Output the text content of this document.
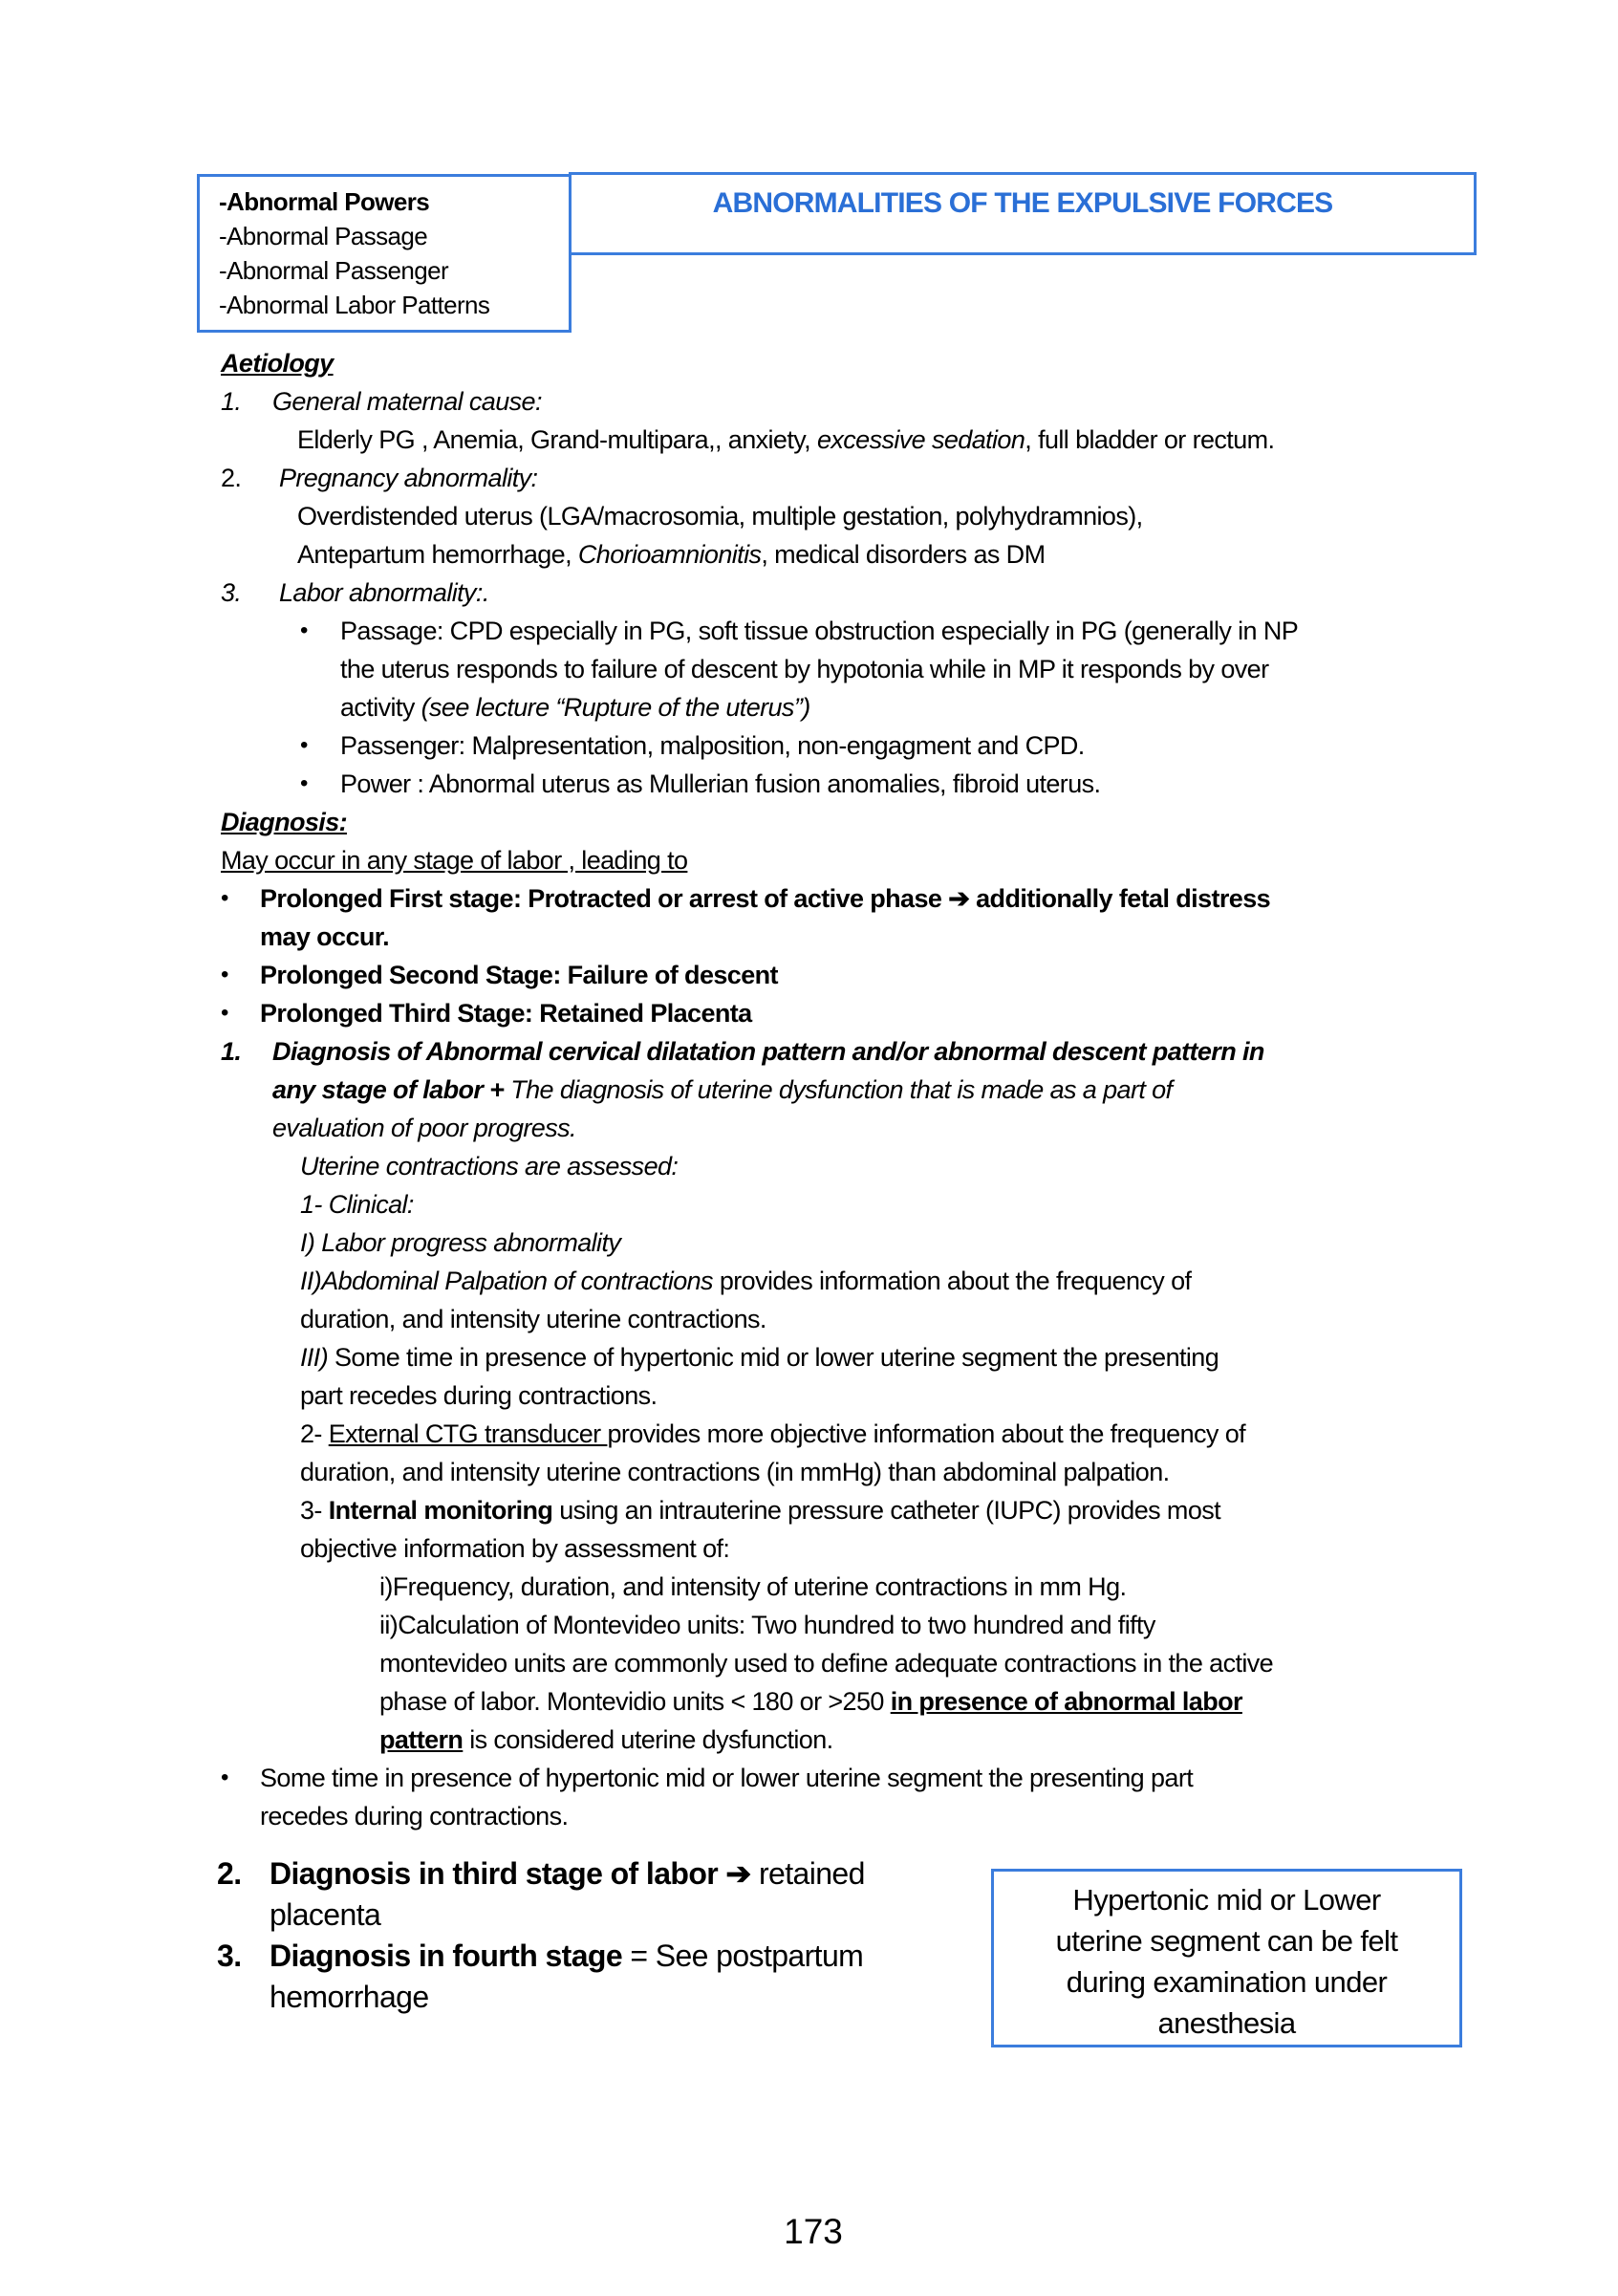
-Abnormal Powers
-Abnormal Passage
-Abnormal Passenger
-Abnormal Labor Patterns
ABNORMALITIES OF THE EXPULSIVE FORCES
Aetiology
1. General maternal cause:
Elderly PG , Anemia, Grand-multipara,, anxiety, excessive sedation, full bladder or rectum.
2. Pregnancy abnormality:
Overdistended uterus (LGA/macrosomia, multiple gestation, polyhydramnios),
Antepartum hemorrhage, Chorioamnionitis, medical disorders as DM
3. Labor abnormality:.
• Passage: CPD especially in PG, soft tissue obstruction especially in PG (generally in NP
the uterus responds to failure of descent by hypotonia while in MP it responds by over
activity (see lecture “Rupture of the uterus”)
• Passenger: Malpresentation, malposition, non-engagment and CPD.
• Power : Abnormal uterus as Mullerian fusion anomalies, fibroid uterus.
Diagnosis:
May occur in any stage of labor , leading to
• Prolonged First stage: Protracted or arrest of active phase ➔ additionally fetal distress
may occur.
• Prolonged Second Stage: Failure of descent
• Prolonged Third Stage: Retained Placenta
1. Diagnosis of Abnormal cervical dilatation pattern and/or abnormal descent pattern in
any stage of labor + The diagnosis of uterine dysfunction that is made as a part of
evaluation of poor progress.
Uterine contractions are assessed:
1- Clinical:
I) Labor progress abnormality
II)Abdominal Palpation of contractions provides information about the frequency of
duration, and intensity uterine contractions.
III) Some time in presence of hypertonic mid or lower uterine segment the presenting
part recedes during contractions.
2- External CTG transducer provides more objective information about the frequency of
duration, and intensity uterine contractions (in mmHg) than abdominal palpation.
3- Internal monitoring using an intrauterine pressure catheter (IUPC) provides most
objective information by assessment of:
i)Frequency, duration, and intensity of uterine contractions in mm Hg.
ii)Calculation of Montevideo units: Two hundred to two hundred and fifty
montevideo units are commonly used to define adequate contractions in the active
phase of labor. Montevidio units < 180 or >250 in presence of abnormal labor
pattern is considered uterine dysfunction.
• Some time in presence of hypertonic mid or lower uterine segment the presenting part
recedes during contractions.
2. Diagnosis in third stage of labor ➔ retained
placenta
3. Diagnosis in fourth stage = See postpartum
hemorrhage
Hypertonic mid or Lower
uterine segment can be felt
during examination under
anesthesia
173
